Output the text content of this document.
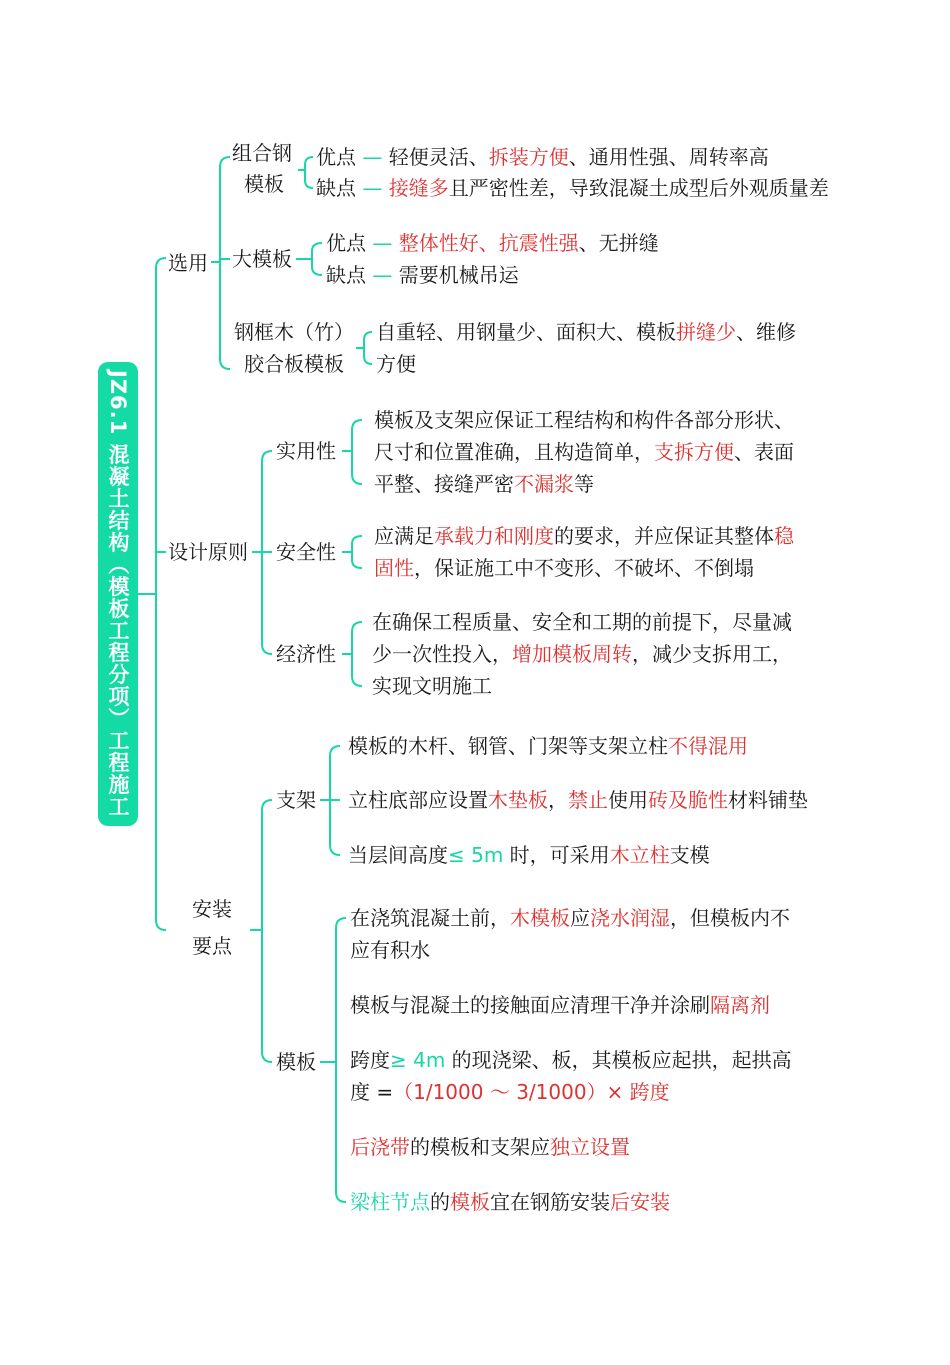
JZ6.1 混凝土结构（模板工程分项）工程施工
选用
组合钢
模板
优点 — 轻便灵活、拆装方便、通用性强、周转率高
缺点 — 接缝多且严密性差，导致混凝土成型后外观质量差
大模板
优点 — 整体性好、抗震性强、无拼缝
缺点 — 需要机械吊运
钢框木（竹）
胶合板模板
自重轻、用钢量少、面积大、模板拼缝少、维修
方便
设计原则
实用性
模板及支架应保证工程结构和构件各部分形状、
尺寸和位置准确，且构造简单，支拆方便、表面
平整、接缝严密不漏浆等
安全性
应满足承载力和刚度的要求，并应保证其整体稳
固性，保证施工中不变形、不破坏、不倒塌
经济性
在确保工程质量、安全和工期的前提下，尽量减
少一次性投入，增加模板周转，减少支拆用工，
实现文明施工
安装
要点
支架
模板的木杆、钢管、门架等支架立柱不得混用
立柱底部应设置木垫板，禁止使用砖及脆性材料铺垫
当层间高度≤ 5m 时，可采用木立柱支模
模板
在浇筑混凝土前，木模板应浇水润湿，但模板内不
应有积水
模板与混凝土的接触面应清理干净并涂刷隔离剂
跨度≥ 4m 的现浇梁、板，其模板应起拱，起拱高
度 =（1/1000 ～ 3/1000）× 跨度
后浇带的模板和支架应独立设置
梁柱节点的模板宜在钢筋安装后安装
